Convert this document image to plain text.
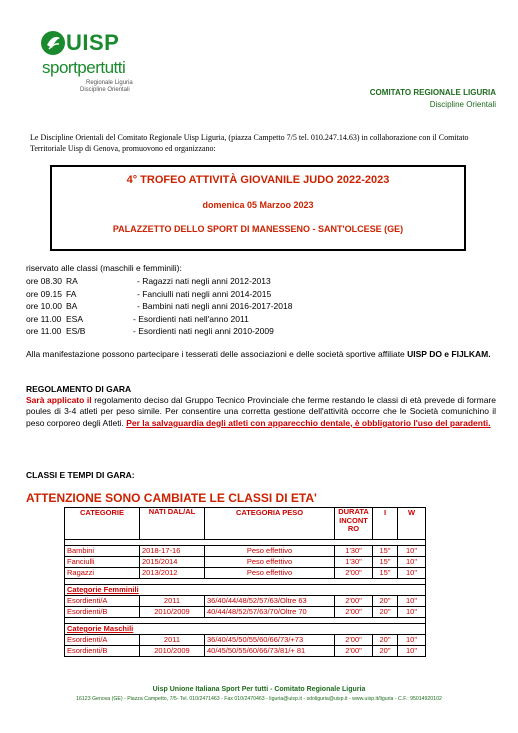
UISP
sportpertutti
Regionale Liguria
Discipline Orientali	COMITATO REGIONALE LIGURIA
Discipline Orientali
Le Discipline Orientali del Comitato Regionale Uisp Liguria, (piazza Campetto 7/5 tel. 010.247.14.63) in collaborazione con il Comitato Territoriale Uisp di Genova, promuovono ed organizzano:
4° TROFEO ATTIVITÀ GIOVANILE JUDO 2022-2023
domenica 05 Marzoo 2023
PALAZZETTO DELLO SPORT DI MANESSENO - SANT'OLCESE (GE)
riservato alle classi (maschili e femminili):
ore 08.30 RA	- Ragazzi nati negli anni 2012-2013
ore 09.15 FA	- Fanciulli nati negli anni 2014-2015
ore 10.00 BA	- Bambini nati negli anni 2016-2017-2018
ore 11.00 ESA	- Esordienti nati nell'anno 2011
ore 11.00 ES/B	- Esordienti nati negli anni 2010-2009
Alla manifestazione possono partecipare i tesserati delle associazioni e delle società sportive affiliate UISP DO e FIJLKAM.
REGOLAMENTO DI GARA
Sarà applicato il regolamento deciso dal Gruppo Tecnico Provinciale che ferme restando le classi di età prevede di formare poules di 3-4 atleti per peso simile. Per consentire una corretta gestione dell'attività occorre che le Società comunichino il peso corporeo degli Atleti. Per la salvaguardia degli atleti con apparecchio dentale, è obbligatorio l'uso del paradenti.
CLASSI E TEMPI DI GARA:
ATTENZIONE SONO CAMBIATE LE CLASSI DI ETA'
CATEGORIE	NATI DAL/AL	CATEGORIA PESO	DURATA INCONT RO	I	W

Bambini	2018-17-16	Peso effettivo	1'30"	15"	10"
Fanciulli	2015/2014	Peso effettivo	1'30"	15"	10"
Ragazzi	2013/2012	Peso effettivo	2'00"	15"	10"

Categorie Femminili					
Esordienti/A	2011	36/40/44/48/52/57/63/Oltre 63	2'00"	20"	10"
Esordienti/B	2010/2009	40/44/48/52/57/63/70/Oltre 70	2'00"	20"	10"

Categorie Maschili					
Esordienti/A	2011	36/40/45/50/55/60/66/73/+73	2'00"	20"	10"
Esordienti/B	2010/2009	40/45/50/55/60/66/73/81/+ 81	2'00"	20"	10"
Uisp Unione Italiana Sport Per tutti - Comitato Regionale Liguria
16123 Genova (GE) - Piazza Campetto, 7/5- Tel. 010/2471463 - Fax 010/2470463 - liguria@uisp.it - sdoliguria@uisp.it - www.uisp.it/liguria - C.F.: 95014920102
